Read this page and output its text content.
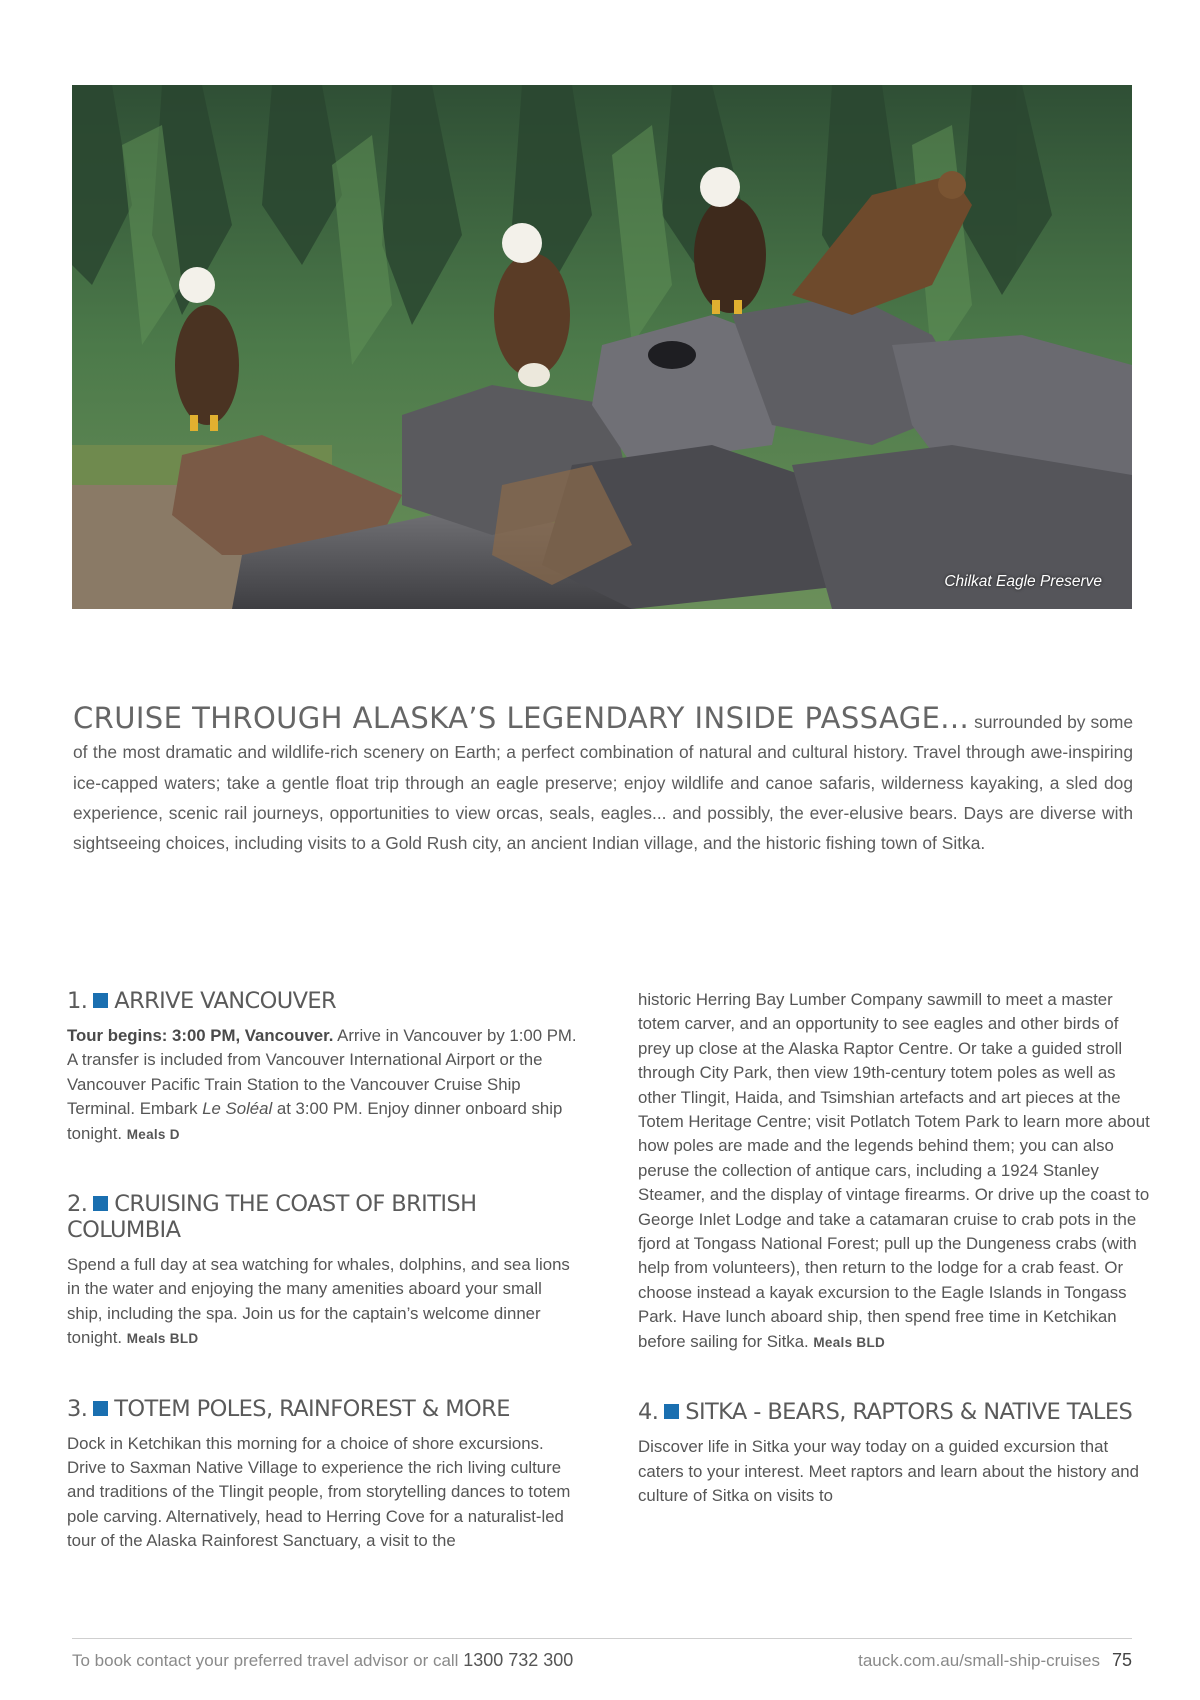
Chilkat Eagle Preserve

CRUISE THROUGH ALASKA’S LEGENDARY INSIDE PASSAGE... surrounded by some of the most dramatic and wildlife-rich scenery on Earth; a perfect combination of natural and cultural history. Travel through awe-inspiring ice-capped waters; take a gentle float trip through an eagle preserve; enjoy wildlife and canoe safaris, wilderness kayaking, a sled dog experience, scenic rail journeys, opportunities to view orcas, seals, eagles... and possibly, the ever-elusive bears. Days are diverse with sightseeing choices, including visits to a Gold Rush city, an ancient Indian village, and the historic fishing town of Sitka.

1. ARRIVE VANCOUVER

Tour begins: 3:00 PM, Vancouver. Arrive in Vancouver by 1:00 PM. A transfer is included from Vancouver International Airport or the Vancouver Pacific Train Station to the Vancouver Cruise Ship Terminal. Embark Le Soléal at 3:00 PM. Enjoy dinner onboard ship tonight. Meals D

2. CRUISING THE COAST OF BRITISH COLUMBIA

Spend a full day at sea watching for whales, dolphins, and sea lions in the water and enjoying the many amenities aboard your small ship, including the spa. Join us for the captain’s welcome dinner tonight. Meals BLD

3. TOTEM POLES, RAINFOREST & MORE

Dock in Ketchikan this morning for a choice of shore excursions. Drive to Saxman Native Village to experience the rich living culture and traditions of the Tlingit people, from storytelling dances to totem pole carving. Alternatively, head to Herring Cove for a naturalist-led tour of the Alaska Rainforest Sanctuary, a visit to the

historic Herring Bay Lumber Company sawmill to meet a master totem carver, and an opportunity to see eagles and other birds of prey up close at the Alaska Raptor Centre. Or take a guided stroll through City Park, then view 19th-century totem poles as well as other Tlingit, Haida, and Tsimshian artefacts and art pieces at the Totem Heritage Centre; visit Potlatch Totem Park to learn more about how poles are made and the legends behind them; you can also peruse the collection of antique cars, including a 1924 Stanley Steamer, and the display of vintage firearms. Or drive up the coast to George Inlet Lodge and take a catamaran cruise to crab pots in the fjord at Tongass National Forest; pull up the Dungeness crabs (with help from volunteers), then return to the lodge for a crab feast. Or choose instead a kayak excursion to the Eagle Islands in Tongass Park. Have lunch aboard ship, then spend free time in Ketchikan before sailing for Sitka. Meals BLD

4. SITKA - BEARS, RAPTORS & NATIVE TALES

Discover life in Sitka your way today on a guided excursion that caters to your interest. Meet raptors and learn about the history and culture of Sitka on visits to

To book contact your preferred travel advisor or call 1300 732 300	tauck.com.au/small-ship-cruises 75
